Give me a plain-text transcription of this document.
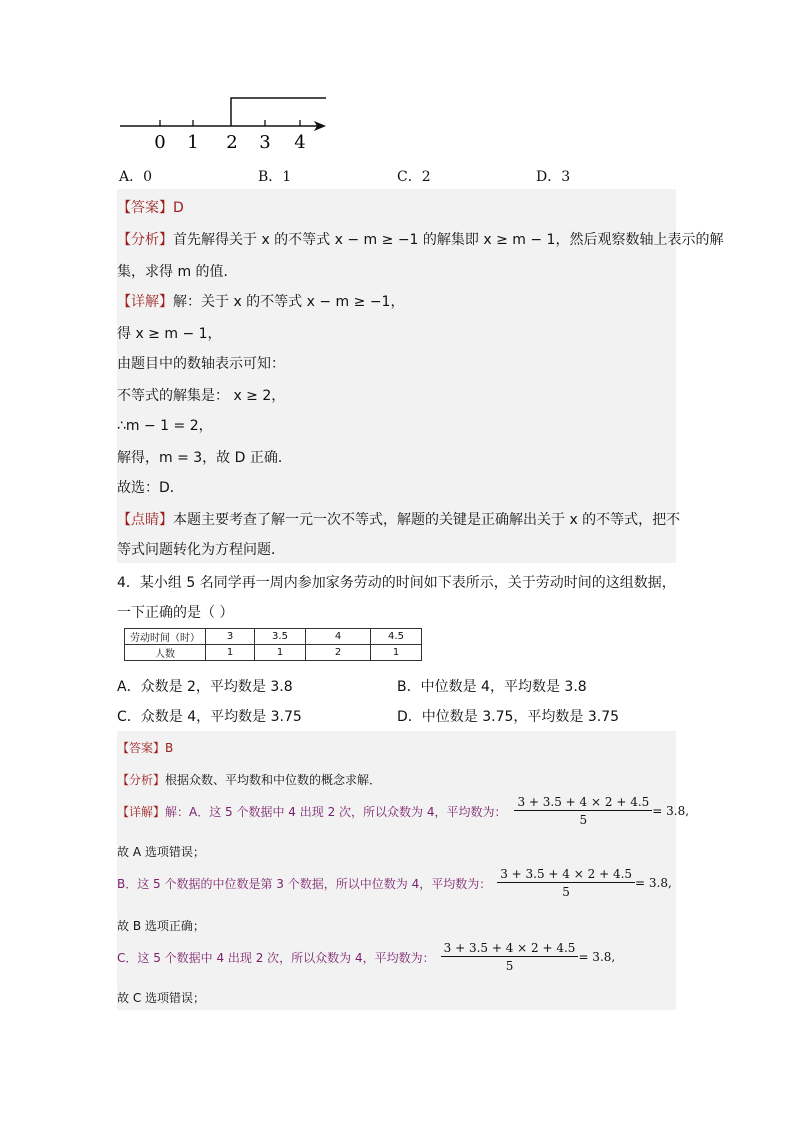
0 1 2 3 4
A．0	B．1	C．2	D．3
【答案】D
【分析】首先解得关于 x 的不等式 x − m ≥ −1 的解集即 x ≥ m − 1，然后观察数轴上表示的解
集，求得 m 的值．
【详解】解：关于 x 的不等式 x − m ≥ −1，
得 x ≥ m − 1，
由题目中的数轴表示可知：
不等式的解集是： x ≥ 2，
∴m − 1 = 2，
解得，m = 3，故 D 正确．
故选：D．
【点睛】本题主要考查了解一元一次不等式，解题的关键是正确解出关于 x 的不等式，把不
等式问题转化为方程问题．
4．某小组 5 名同学再一周内参加家务劳动的时间如下表所示，关于劳动时间的这组数据，
一下正确的是（ ）
劳动时间（时）	3	3.5	4	4.5
人数	1	1	2	1
A．众数是 2，平均数是 3.8	B．中位数是 4，平均数是 3.8
C．众数是 4，平均数是 3.75	D．中位数是 3.75，平均数是 3.75
【答案】B
【分析】根据众数、平均数和中位数的概念求解．
【详解】 解：A．这 5 个数据中 4 出现 2 次，所以众数为 4，平均数为： $\frac{3 + 3.5 + 4 \times 2 + 4.5}{5} = 3.8$,
故 A 选项错误；
B．这 5 个数据的中位数是第 3 个数据，所以中位数为 4，平均数为： $\frac{3 + 3.5 + 4 \times 2 + 4.5}{5} = 3.8$,
故 B 选项正确；
C．这 5 个数据中 4 出现 2 次，所以众数为 4，平均数为： $\frac{3 + 3.5 + 4 \times 2 + 4.5}{5} = 3.8$,
故 C 选项错误；
